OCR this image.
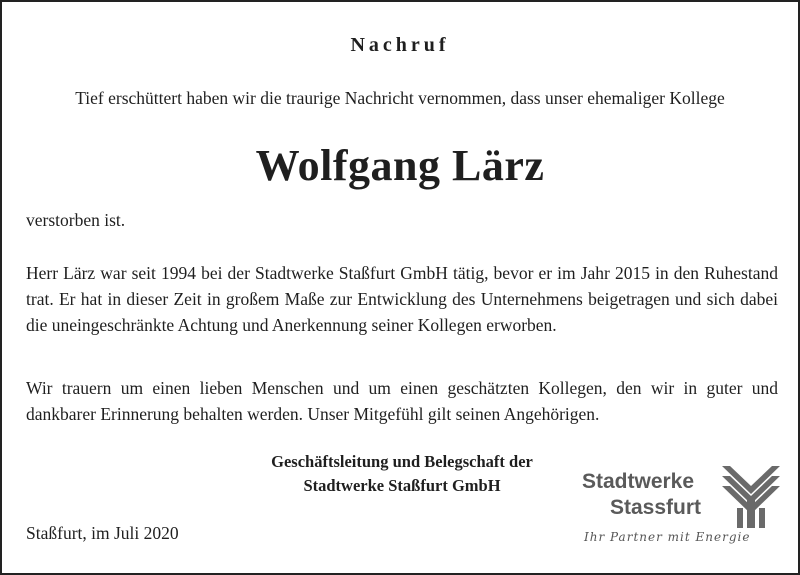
Nachruf
Tief erschüttert haben wir die traurige Nachricht vernommen, dass unser ehemaliger Kollege
Wolfgang Lärz
verstorben ist.
Herr Lärz war seit 1994 bei der Stadtwerke Staßfurt GmbH tätig, bevor er im Jahr 2015 in den Ruhestand trat. Er hat in dieser Zeit in großem Maße zur Entwicklung des Unternehmens beigetragen und sich dabei die uneingeschränkte Achtung und Anerkennung seiner Kollegen erworben.
Wir trauern um einen lieben Menschen und um einen geschätzten Kollegen, den wir in guter und dankbarer Erinnerung behalten werden. Unser Mitgefühl gilt seinen Angehörigen.
Geschäftsleitung und Belegschaft der
Stadtwerke Staßfurt GmbH
Staßfurt, im Juli 2020
Stadtwerke
Stassfurt
Ihr Partner mit Energie
